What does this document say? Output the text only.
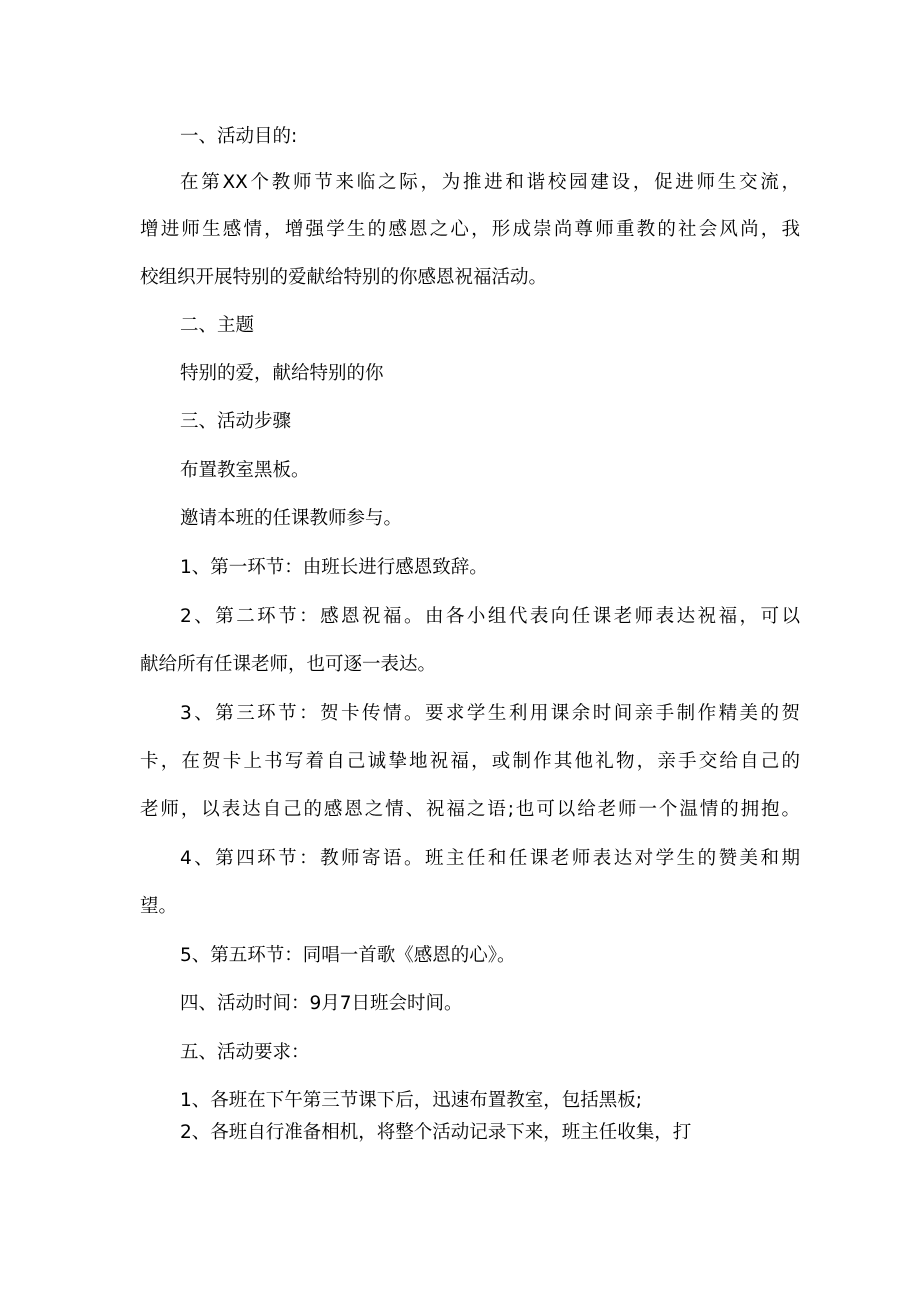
一、活动目的:
在第XX个教师节来临之际，为推进和谐校园建设，促进师生交流，
增进师生感情，增强学生的感恩之心，形成崇尚尊师重教的社会风尚，我
校组织开展特别的爱献给特别的你感恩祝福活动。
二、主题
特别的爱，献给特别的你
三、活动步骤
布置教室黑板。
邀请本班的任课教师参与。
1、第一环节：由班长进行感恩致辞。
2、第二环节：感恩祝福。由各小组代表向任课老师表达祝福，可以
献给所有任课老师，也可逐一表达。
3、第三环节：贺卡传情。要求学生利用课余时间亲手制作精美的贺
卡，在贺卡上书写着自己诚挚地祝福，或制作其他礼物，亲手交给自己的
老师，以表达自己的感恩之情、祝福之语;也可以给老师一个温情的拥抱。
4、第四环节：教师寄语。班主任和任课老师表达对学生的赞美和期
望。
5、第五环节：同唱一首歌《感恩的心》。
四、活动时间：9月7日班会时间。
五、活动要求：
1、各班在下午第三节课下后，迅速布置教室，包括黑板;
2、各班自行准备相机，将整个活动记录下来，班主任收集，打
